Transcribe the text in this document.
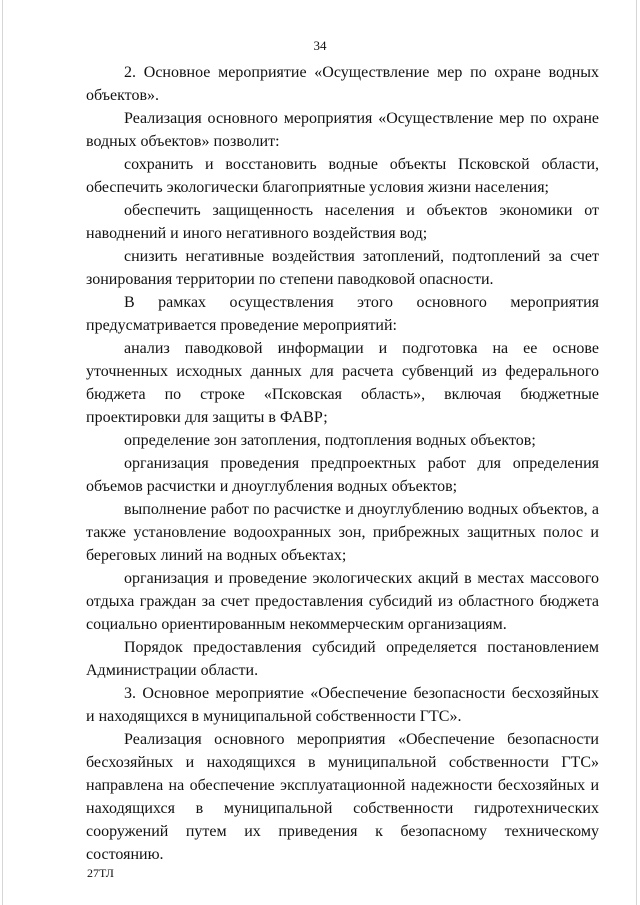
34

2. Основное мероприятие «Осуществление мер по охране водных объектов».

Реализация основного мероприятия «Осуществление мер по охране водных объектов» позволит:

сохранить и восстановить водные объекты Псковской области, обеспечить экологически благоприятные условия жизни населения;

обеспечить защищенность населения и объектов экономики от наводнений и иного негативного воздействия вод;

снизить негативные воздействия затоплений, подтоплений за счет зонирования территории по степени паводковой опасности.

В рамках осуществления этого основного мероприятия предусматривается проведение мероприятий:

анализ паводковой информации и подготовка на ее основе уточненных исходных данных для расчета субвенций из федерального бюджета по строке «Псковская область», включая бюджетные проектировки для защиты в ФАВР;

определение зон затопления, подтопления водных объектов;

организация проведения предпроектных работ для определения объемов расчистки и дноуглубления водных объектов;

выполнение работ по расчистке и дноуглублению водных объектов, а также установление водоохранных зон, прибрежных защитных полос и береговых линий на водных объектах;

организация и проведение экологических акций в местах массового отдыха граждан за счет предоставления субсидий из областного бюджета социально ориентированным некоммерческим организациям.

Порядок предоставления субсидий определяется постановлением Администрации области.

3. Основное мероприятие «Обеспечение безопасности бесхозяйных и находящихся в муниципальной собственности ГТС».

Реализация основного мероприятия «Обеспечение безопасности бесхозяйных и находящихся в муниципальной собственности ГТС» направлена на обеспечение эксплуатационной надежности бесхозяйных и находящихся в муниципальной собственности гидротехнических сооружений путем их приведения к безопасному техническому состоянию.

27ТЛ
